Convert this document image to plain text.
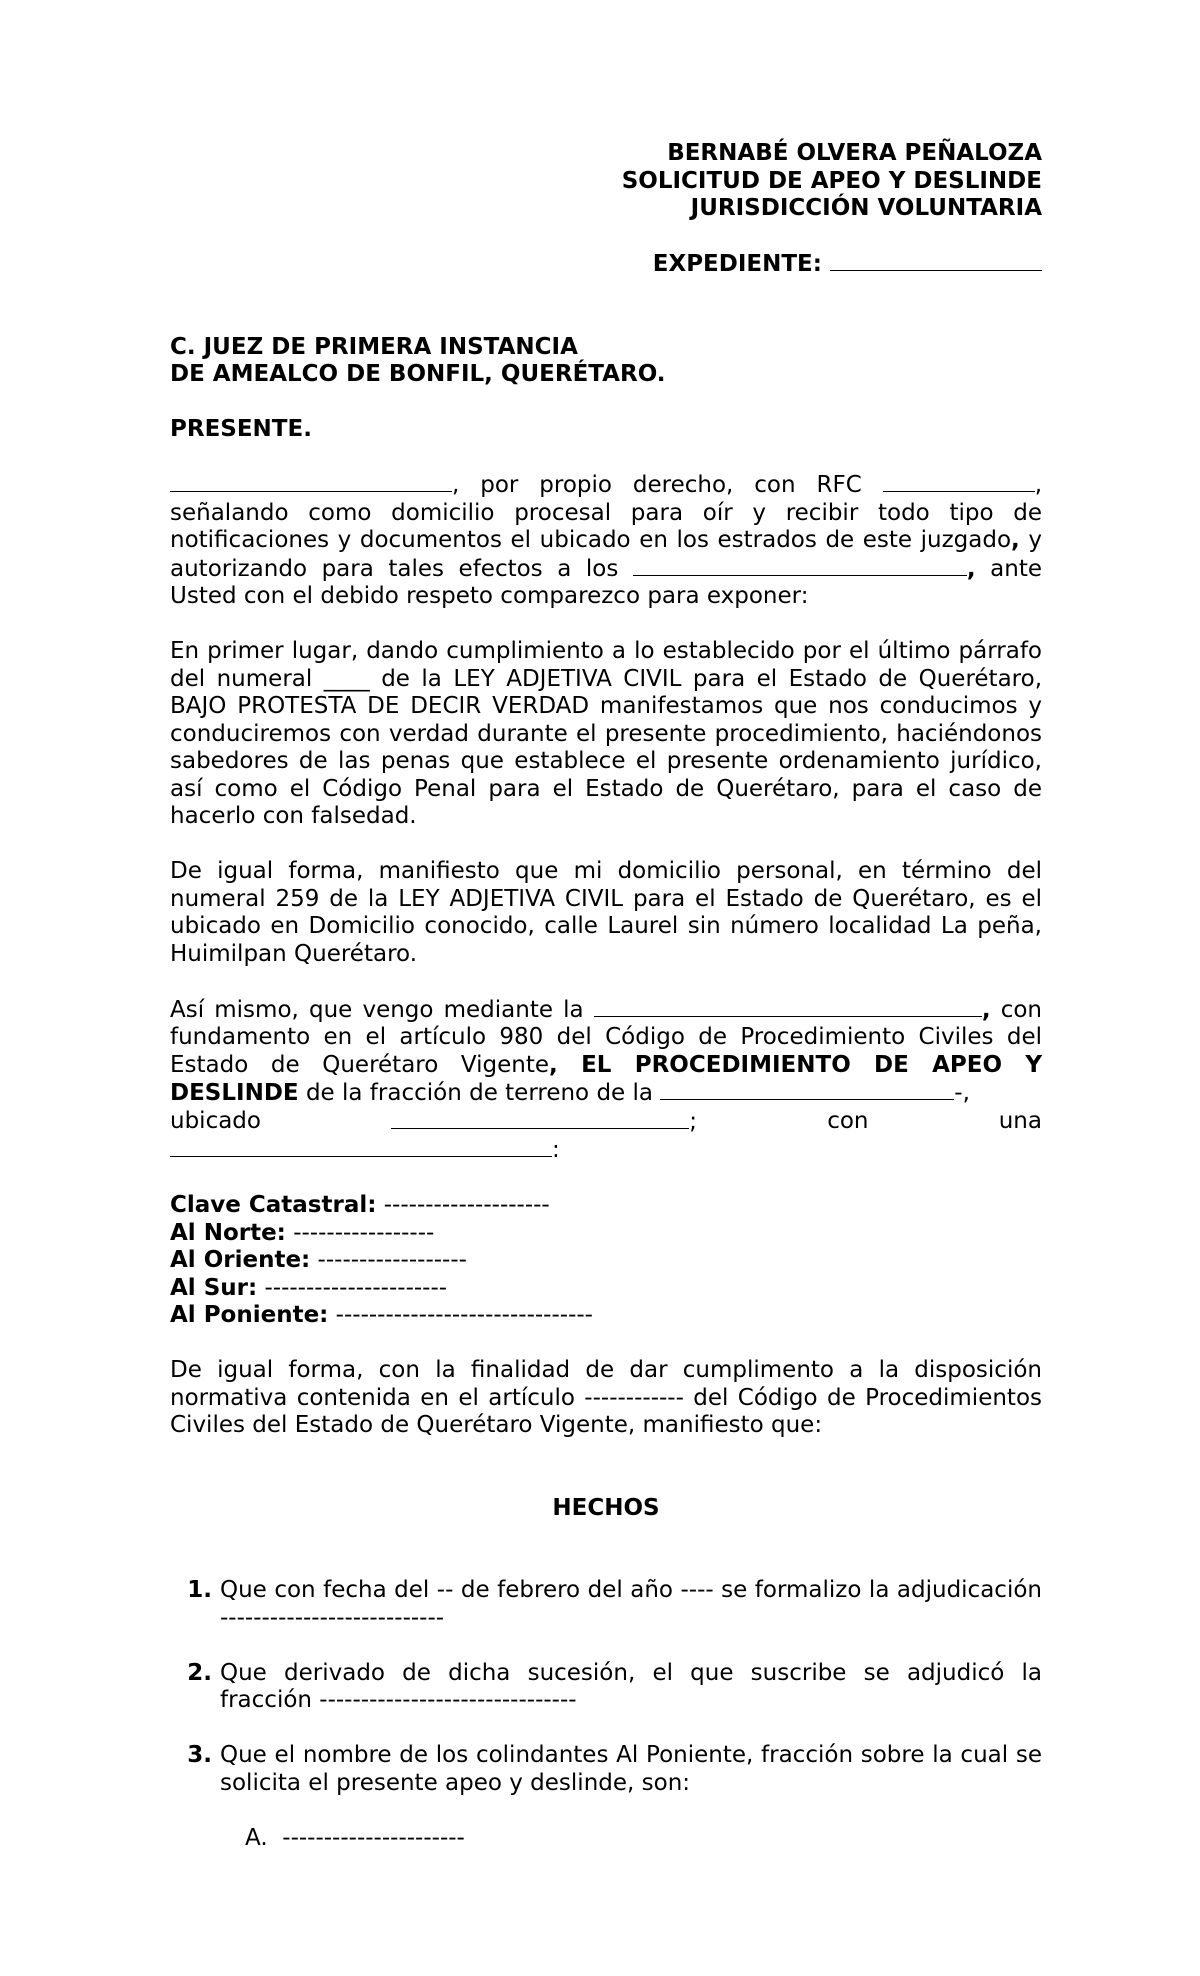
BERNABÉ OLVERA PEÑALOZA

SOLICITUD DE APEO Y DESLINDE

JURISDICCIÓN VOLUNTARIA

EXPEDIENTE:

C. JUEZ DE PRIMERA INSTANCIA

DE AMEALCO DE BONFIL, QUERÉTARO.

PRESENTE.

, por propio derecho, con RFC	, señalando como domicilio procesal para oír y recibir todo tipo de notificaciones y documentos el ubicado en los estrados de este juzgado, y autorizando para tales efectos a los	, ante Usted con el debido respeto comparezco para exponer:

En primer lugar, dando cumplimiento a lo establecido por el último párrafo del numeral ____ de la LEY ADJETIVA CIVIL para el Estado de Querétaro, BAJO PROTESTA DE DECIR VERDAD manifestamos que nos conducimos y conduciremos con verdad durante el presente procedimiento, haciéndonos sabedores de las penas que establece el presente ordenamiento jurídico, así como el Código Penal para el Estado de Querétaro, para el caso de hacerlo con falsedad.

De igual forma, manifiesto que mi domicilio personal, en término del numeral 259 de la LEY ADJETIVA CIVIL para el Estado de Querétaro, es el ubicado en Domicilio conocido, calle Laurel sin número localidad La peña, Huimilpan Querétaro.

Así mismo, que vengo mediante la	, con fundamento en el artículo 980 del Código de Procedimiento Civiles del Estado de Querétaro Vigente, EL PROCEDIMIENTO DE APEO Y DESLINDE de la fracción de terreno de la	-,

ubicado	;	con	una

:

Clave Catastral: --------------------

Al Norte: -----------------

Al Oriente: ------------------

Al Sur: ----------------------

Al Poniente: -------------------------------

De igual forma, con la finalidad de dar cumplimento a la disposición normativa contenida en el artículo ------------ del Código de Procedimientos Civiles del Estado de Querétaro Vigente, manifiesto que:

HECHOS

1. Que con fecha del -- de febrero del año ---- se formalizo la adjudicación ---------------------------
2. Que derivado de dicha sucesión, el que suscribe se adjudicó la fracción -------------------------------
3. Que el nombre de los colindantes Al Poniente, fracción sobre la cual se solicita el presente apeo y deslinde, son:

A. ----------------------
